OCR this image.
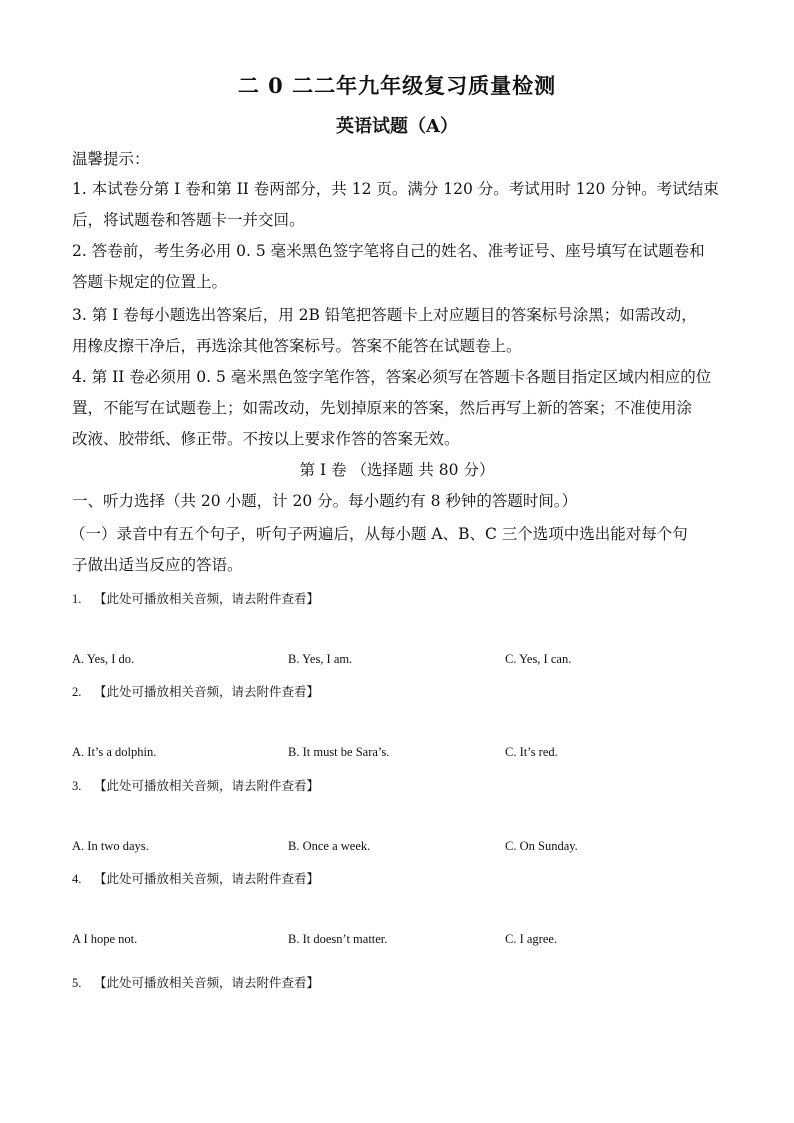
二 0 二二年九年级复习质量检测
英语试题（A）
温馨提示：
1. 本试卷分第 I 卷和第 II 卷两部分，共 12 页。满分 120 分。考试用时 120 分钟。考试结束
后，将试题卷和答题卡一并交回。
2. 答卷前，考生务必用 0. 5 毫米黑色签字笔将自己的姓名、准考证号、座号填写在试题卷和
答题卡规定的位置上。
3. 第 I 卷每小题选出答案后，用 2B 铅笔把答题卡上对应题目的答案标号涂黑；如需改动，
用橡皮擦干净后，再选涂其他答案标号。答案不能答在试题卷上。
4. 第 II 卷必须用 0. 5 毫米黑色签字笔作答，答案必须写在答题卡各题目指定区域内相应的位
置，不能写在试题卷上；如需改动，先划掉原来的答案，然后再写上新的答案；不准使用涂
改液、胶带纸、修正带。不按以上要求作答的答案无效。
第 I 卷 （选择题 共 80 分）
一、听力选择（共 20 小题，计 20 分。每小题约有 8 秒钟的答题时间。）
（一）录音中有五个句子，听句子两遍后，从每小题 A、B、C 三个选项中选出能对每个句
子做出适当反应的答语。
1. 【此处可播放相关音频，请去附件查看】
A. Yes, I do.	B. Yes, I am.	C. Yes, I can.
2. 【此处可播放相关音频，请去附件查看】
A. It’s a dolphin.	B. It must be Sara’s.	C. It’s red.
3. 【此处可播放相关音频，请去附件查看】
A. In two days.	B. Once a week.	C. On Sunday.
4. 【此处可播放相关音频，请去附件查看】
A I hope not.	B. It doesn’t matter.	C. I agree.
5. 【此处可播放相关音频，请去附件查看】
